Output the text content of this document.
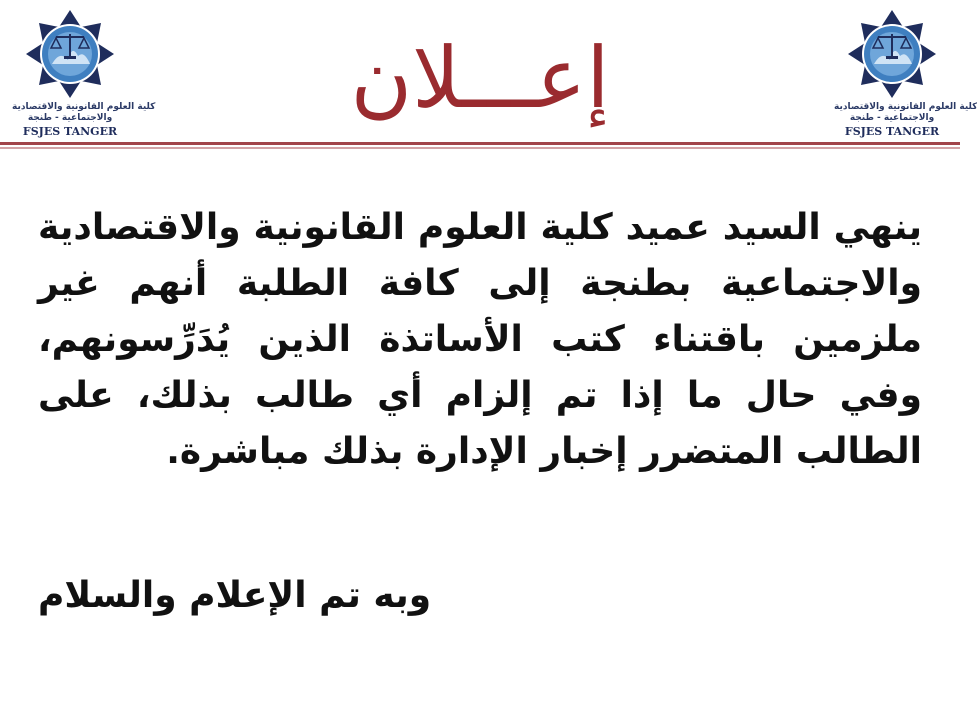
كلية العلوم القانونية والاقتصادية
والاجتماعية - طنجة
FSJES TANGER
إعـــلان	كلية العلوم القانونية والاقتصادية
والاجتماعية - طنجة
FSJES TANGER
ينهي السيد عميد كلية العلوم القانونية والاقتصادية والاجتماعية بطنجة إلى كافة الطلبة أنهم غير ملزمين باقتناء كتب الأساتذة الذين يُدَرِّسونهم، وفي حال ما إذا تم إلزام أي طالب بذلك، على الطالب المتضرر إخبار الإدارة بذلك مباشرة.
وبه تم الإعلام والسلام
